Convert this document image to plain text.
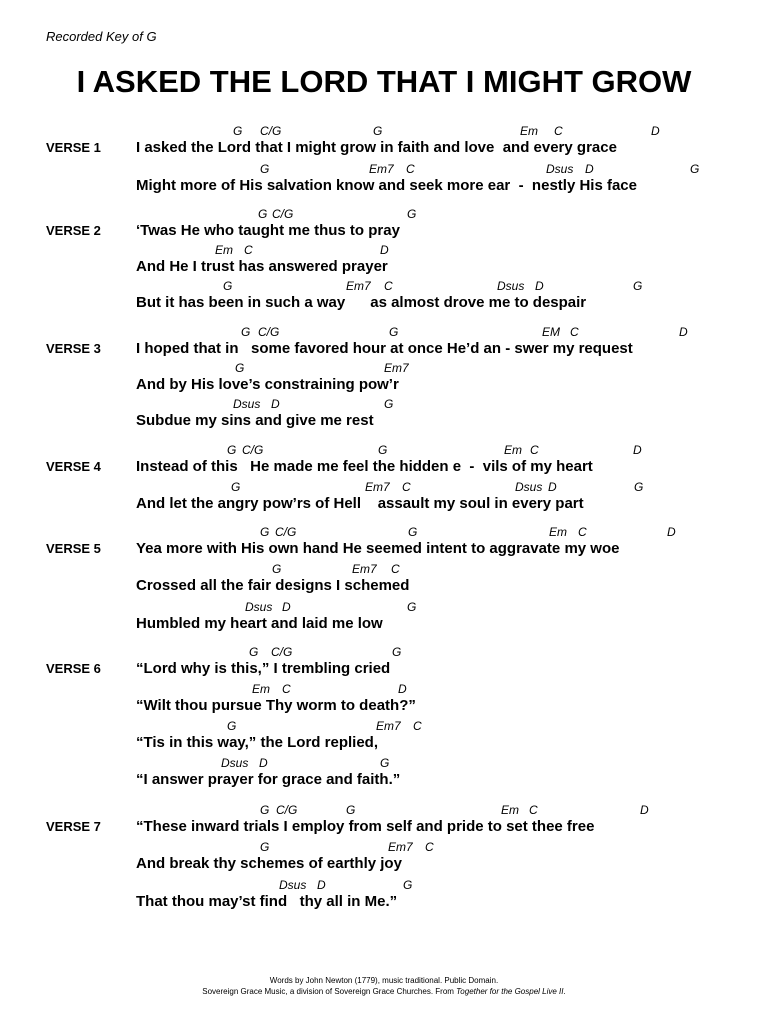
Recorded Key of G
I ASKED THE LORD THAT I MIGHT GROW
VERSE 1 I asked the Lord that I might grow in faith and love  and every grace
G C/G	G	Em C	D
Might more of His salvation know and seek more ear  -  nestly His face
G	Em7 C	Dsus D	G
VERSE 2 ‘Twas He who taught me thus to pray
G C/G	G
And He I trust has answered prayer
Em C	D
But it has been in such a way      as almost drove me to despair
G	Em7 C	Dsus D	G
VERSE 3 I hoped that in   some favored hour at once He’d an - swer my request
G C/G	G	EM C	D
And by His love’s constraining pow’r
G	Em7
Subdue my sins and give me rest
Dsus D	G
VERSE 4 Instead of this   He made me feel the hidden e  -  vils of my heart
G C/G	G	Em C	D
And let the angry pow’rs of Hell    assault my soul in every part
G	Em7 C	Dsus D	G
VERSE 5 Yea more with His own hand He seemed intent to aggravate my woe
G C/G	G	Em C	D
Crossed all the fair designs I schemed
G	Em7 C
Humbled my heart and laid me low
Dsus D	G
VERSE 6 “Lord why is this,” I trembling cried
G C/G	G
“Wilt thou pursue Thy worm to death?”
Em C	D
“Tis in this way,” the Lord replied,
G	Em7 C
“I answer prayer for grace and faith.”
Dsus D	G
VERSE 7 “These inward trials I employ from self and pride to set thee free
G C/G	G	Em C	D
And break thy schemes of earthly joy
G	Em7 C
That thou may’st find   thy all in Me.”
Dsus D	G
Words by John Newton (1779), music traditional. Public Domain.
Sovereign Grace Music, a division of Sovereign Grace Churches. From Together for the Gospel Live II.
